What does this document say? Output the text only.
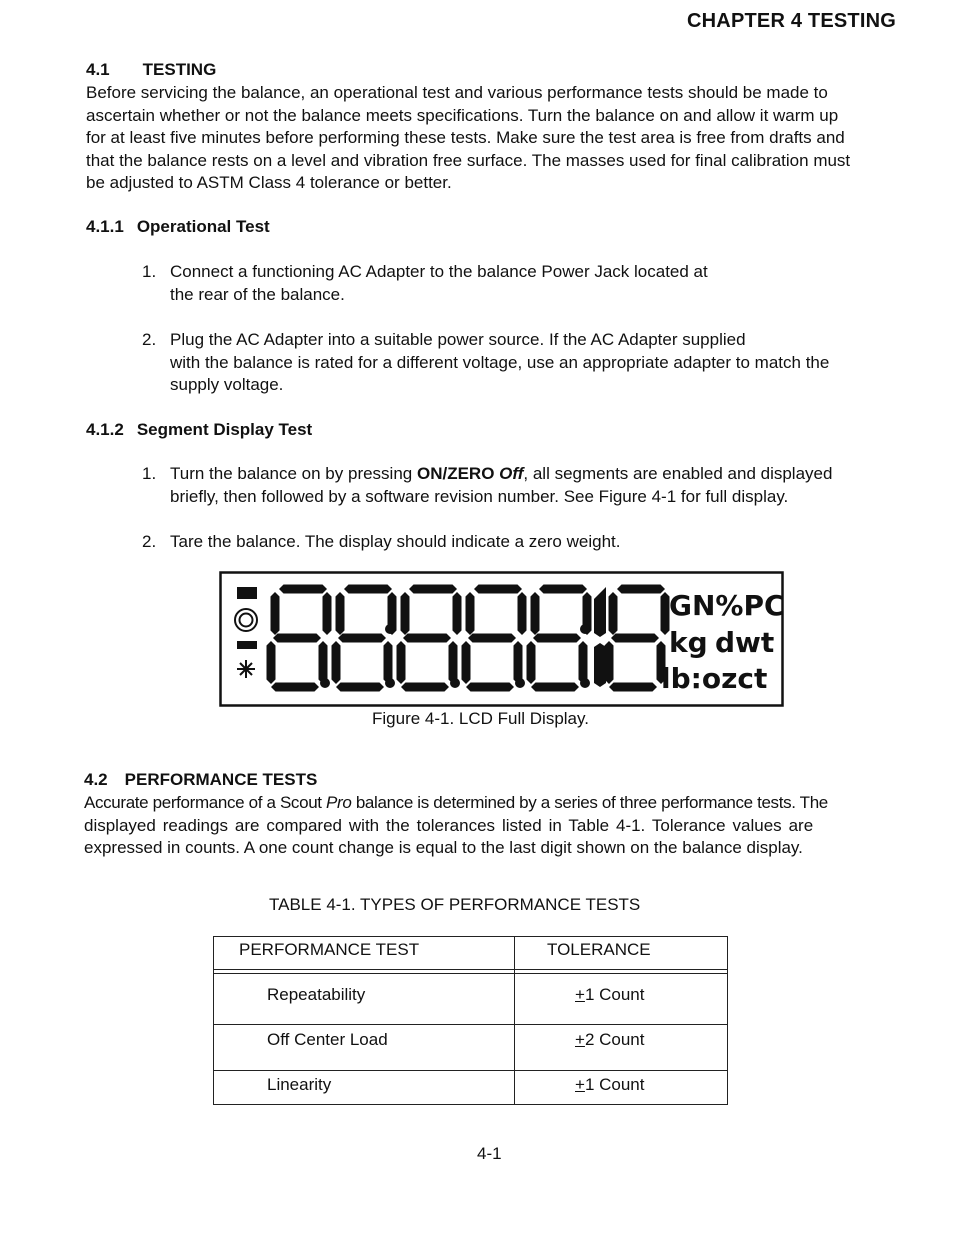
CHAPTER 4 TESTING
4.1 TESTING
Before servicing the balance, an operational test and various performance tests should be made to
ascertain whether or not the balance meets specifications. Turn the balance on and allow it warm up
for at least five minutes before performing these tests. Make sure the test area is free from drafts and
that the balance rests on a level and vibration free surface. The masses used for final calibration must
be adjusted to ASTM Class 4 tolerance or better.
4.1.1 Operational Test
1. Connect a functioning AC Adapter to the balance Power Jack located at
the rear of the balance.
2. Plug the AC Adapter into a suitable power source. If the AC Adapter supplied
with the balance is rated for a different voltage, use an appropriate adapter to match the
supply voltage.
4.1.2 Segment Display Test
1. Turn the balance on by pressing ON/ZERO Off, all segments are enabled and displayed
briefly, then followed by a software revision number. See Figure 4-1 for full display.
2. Tare the balance. The display should indicate a zero weight.
GN%PC
kg dwt
lb:ozct
Figure 4-1. LCD Full Display.
4.2 PERFORMANCE TESTS
Accurate performance of a Scout Pro balance is determined by a series of three performance tests. The
displayed readings are compared with the tolerances listed in Table 4-1. Tolerance values are
expressed in counts. A one count change is equal to the last digit shown on the balance display.
TABLE 4-1. TYPES OF PERFORMANCE TESTS
PERFORMANCE TEST	TOLERANCE
Repeatability	+1 Count
Off Center Load	+2 Count
Linearity	+1 Count
4-1
